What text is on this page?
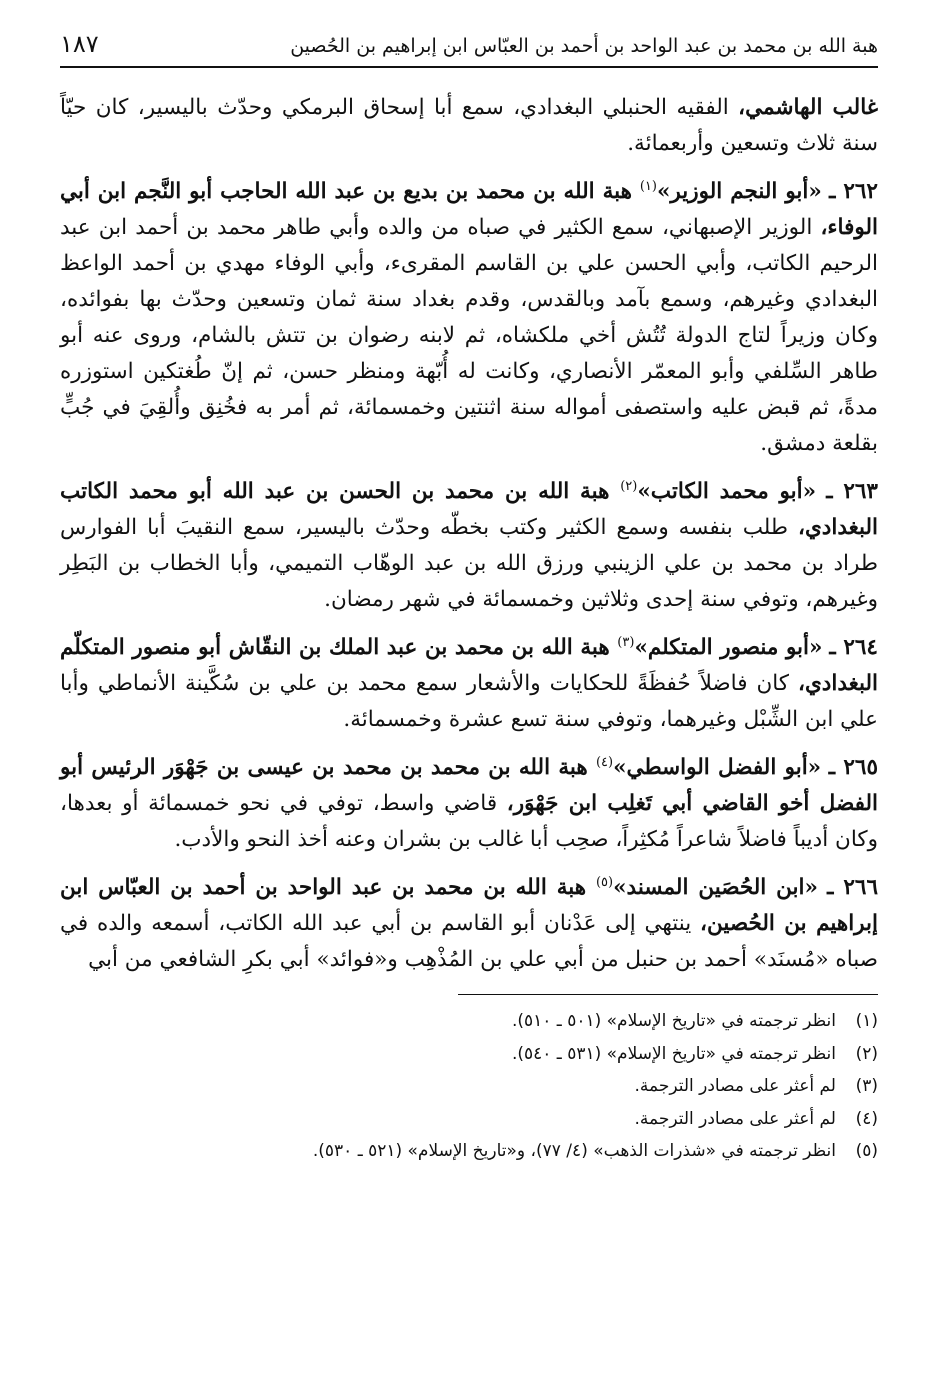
هبة الله بن محمد بن عبد الواحد بن أحمد بن العبّاس ابن إبراهيم بن الحُصين
١٨٧

غالب الهاشمي، الفقيه الحنبلي البغدادي، سمع أبا إسحاق البرمكي وحدّث باليسير، كان حيّاً سنة ثلاث وتسعين وأربعمائة.

٢٦٢ ـ «أبو النجم الوزير»$^{(١)}$ هبة الله بن محمد بن بديع بن عبد الله الحاجب أبو النَّجم ابن أبي الوفاء، الوزير الإصبهاني، سمع الكثير في صباه من والده وأبي طاهر محمد بن أحمد ابن عبد الرحيم الكاتب، وأبي الحسن علي بن القاسم المقرىء، وأبي الوفاء مهدي بن أحمد الواعظ البغدادي وغيرهم، وسمع بآمد وبالقدس، وقدم بغداد سنة ثمان وتسعين وحدّث بها بفوائده، وكان وزيراً لتاج الدولة تُتُش أخي ملكشاه، ثم لابنه رضوان بن تتش بالشام، وروى عنه أبو طاهر السِّلفي وأبو المعمّر الأنصاري، وكانت له أُبّهة ومنظر حسن، ثم إنّ طُغتكين استوزره مدةً، ثم قبض عليه واستصفى أمواله سنة اثنتين وخمسمائة، ثم أمر به فخُنِق وأُلقِيَ في جُبٍّ بقلعة دمشق.

٢٦٣ ـ «أبو محمد الكاتب»$^{(٢)}$ هبة الله بن محمد بن الحسن بن عبد الله أبو محمد الكاتب البغدادي، طلب بنفسه وسمع الكثير وكتب بخطّه وحدّث باليسير، سمع النقيبَ أبا الفوارس طراد بن محمد بن علي الزينبي ورزق الله بن عبد الوهّاب التميمي، وأبا الخطاب بن البَطِر وغيرهم، وتوفي سنة إحدى وثلاثين وخمسمائة في شهر رمضان.

٢٦٤ ـ «أبو منصور المتكلم»$^{(٣)}$ هبة الله بن محمد بن عبد الملك بن النقّاش أبو منصور المتكلّم البغدادي، كان فاضلاً حُفظَةً للحكايات والأشعار سمع محمد بن علي بن سُكَّينة الأنماطي وأبا علي ابن الشِّبْل وغيرهما، وتوفي سنة تسع عشرة وخمسمائة.

٢٦٥ ـ «أبو الفضل الواسطي»$^{(٤)}$ هبة الله بن محمد بن محمد بن عيسى بن جَهْوَر الرئيس أبو الفضل أخو القاضي أبي تَغلِب ابن جَهْوَر، قاضي واسط، توفي في نحو خمسمائة أو بعدها، وكان أديباً فاضلاً شاعراً مُكثِراً، صحِب أبا غالب بن بشران وعنه أخذ النحو والأدب.

٢٦٦ ـ «ابن الحُصَين المسند»$^{(٥)}$ هبة الله بن محمد بن عبد الواحد بن أحمد بن العبّاس ابن إبراهيم بن الحُصين، ينتهي إلى عَدْنان أبو القاسم بن أبي عبد الله الكاتب، أسمعه والده في صباه «مُسنَد» أحمد بن حنبل من أبي علي بن المُذْهِب و«فوائد» أبي بكرِ الشافعي من أبي

(١)
انظر ترجمته في «تاريخ الإسلام» (٥٠١ ـ ٥١٠).
(٢)
انظر ترجمته في «تاريخ الإسلام» (٥٣١ ـ ٥٤٠).
(٣)
لم أعثر على مصادر الترجمة.
(٤)
لم أعثر على مصادر الترجمة.
(٥)
انظر ترجمته في «شذرات الذهب» (٤/ ٧٧)، و«تاريخ الإسلام» (٥٢١ ـ ٥٣٠).
